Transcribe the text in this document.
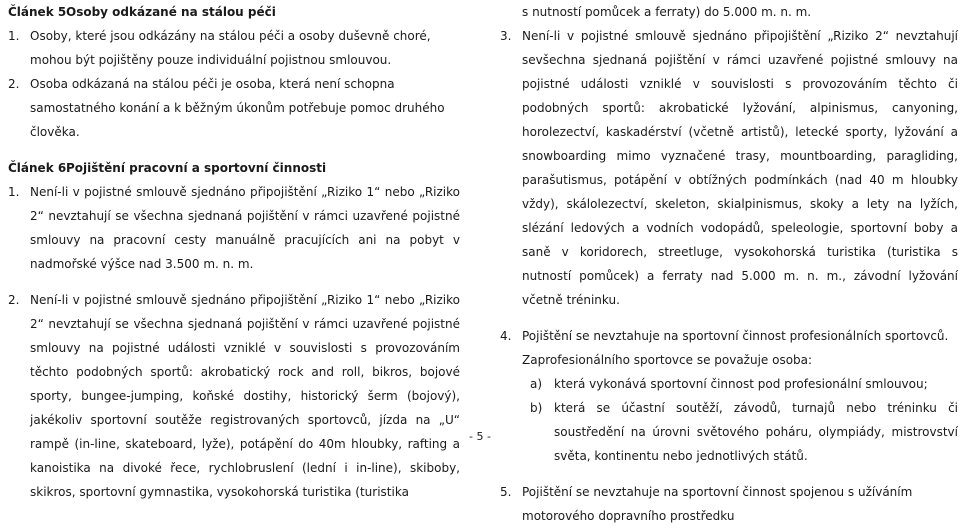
Článek 5Osoby odkázané na stálou péči
1. Osoby, které jsou odkázány na stálou péči a osoby duševně choré, mohou být pojištěny pouze individuální pojistnou smlouvou.
2. Osoba odkázaná na stálou péči je osoba, která není schopna samostatného konání a k běžným úkonům potřebuje pomoc druhého člověka.
Článek 6Pojištění pracovní a sportovní činnosti
1. Není-li v pojistné smlouvě sjednáno připojištění „Riziko 1“ nebo „Riziko 2“ nevztahují se všechna sjednaná pojištění v rámci uzavřené pojistné smlouvy na pracovní cesty manuálně pracujících ani na pobyt v nadmořské výšce nad 3.500 m. n. m.
2. Není-li v pojistné smlouvě sjednáno připojištění „Riziko 1“ nebo „Riziko 2“ nevztahují se všechna sjednaná pojištění v rámci uzavřené pojistné smlouvy na pojistné události vzniklé v souvislosti s provozováním těchto podobných sportů: akrobatický rock and roll, bikros, bojové sporty, bungee-jumping, koňské dostihy, historický šerm (bojový), jakékoliv sportovní soutěže registrovaných sportovců, jízda na „U“ rampě (in-line, skateboard, lyže), potápění do 40m hloubky, rafting a kanoistika na divoké řece, rychlobruslení (lední i in-line), skiboby, skikros, sportovní gymnastika, vysokohorská turistika (turistika
s nutností pomůcek a ferraty) do 5.000 m. n. m.
3. Není-li v pojistné smlouvě sjednáno připojištění „Riziko 2“ nevztahují sevšechna sjednaná pojištění v rámci uzavřené pojistné smlouvy na pojistné události vzniklé v souvislosti s provozováním těchto či podobných sportů: akrobatické lyžování, alpinismus, canyoning, horolezectví, kaskadérství (včetně artistů), letecké sporty, lyžování a snowboarding mimo vyznačené trasy, mountboarding, paragliding, parašutismus, potápění v obtížných podmínkách (nad 40 m hloubky vždy), skálolezectví, skeleton, skialpinismus, skoky a lety na lyžích, slézání ledových a vodních vodopádů, speleologie, sportovní boby a saně v koridorech, streetluge, vysokohorská turistika (turistika s nutností pomůcek) a ferraty nad 5.000 m. n. m., závodní lyžování včetně tréninku.
4. Pojištění se nevztahuje na sportovní činnost profesionálních sportovců.
Zaprofesionálního sportovce se považuje osoba:
a) která vykonává sportovní činnost pod profesionální smlouvou;
b) která se účastní soutěží, závodů, turnajů nebo tréninku či soustředění na úrovni světového poháru, olympiády, mistrovství světa, kontinentu nebo jednotlivých států.
5. Pojištění se nevztahuje na sportovní činnost spojenou s užíváním motorového dopravního prostředku
- 5 -
